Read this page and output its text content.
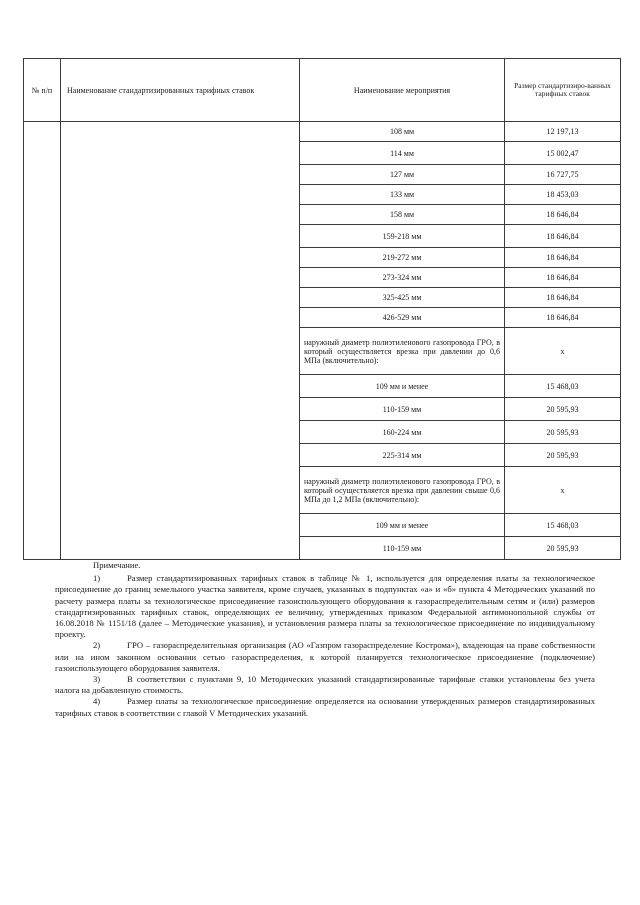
№ п/п	Наименование стандартизированных тарифных ставок	Наименование мероприятия	Размер стандартизиро-ванных тарифных ставок
		108 мм	12 197,13
		114 мм	15 002,47
		127 мм	16 727,75
		133 мм	18 453,03
		158 мм	18 646,84
		159-218 мм	18 646,84
		219-272 мм	18 646,84
		273-324 мм	18 646,84
		325-425 мм	18 646,84
		426-529 мм	18 646,84
		наружный диаметр полиэтиленового газопровода ГРО, в который осуществляется врезка при давлении до 0,6 МПа (включительно):	х
		109 мм и менее	15 468,03
		110-159 мм	20 595,93
		160-224 мм	20 595,93
		225-314 мм	20 595,93
		наружный диаметр полиэтиленового газопровода ГРО, в который осуществляется врезка при давлении свыше 0,6 МПа до 1,2 МПа (включительно):	х
		109 мм и менее	15 468,03
		110-159 мм	20 595,93
Примечание.

1)	Размер стандартизированных тарифных ставок в таблице № 1, используется для определения платы за технологическое присоединение до границ земельного участка заявителя, кроме случаев, указанных в подпунктах «а» и «б» пункта 4 Методических указаний по расчету размера платы за технологическое присоединение газоиспользующего оборудования к газораспределительным сетям и (или) размеров стандартизированных тарифных ставок, определяющих ее величину, утвержденных приказом Федеральной антимонопольной службы от 16.08.2018 № 1151/18 (далее – Методические указания), и установления размера платы за технологическое присоединение по индивидуальному проекту.

2)	ГРО – газораспределительная организация (АО «Газпром газораспределение Кострома»), владеющая на праве собственности или на ином законном основании сетью газораспределения, к которой планируется технологическое присоединение (подключение) газоиспользующего оборудования заявителя.

3)	В соответствии с пунктами 9, 10 Методических указаний стандартизированные тарифные ставки установлены без учета налога на добавленную стоимость.

4)	Размер платы за технологическое присоединение определяется на основании утвержденных размеров стандартизированных тарифных ставок в соответствии с главой V Методических указаний.
